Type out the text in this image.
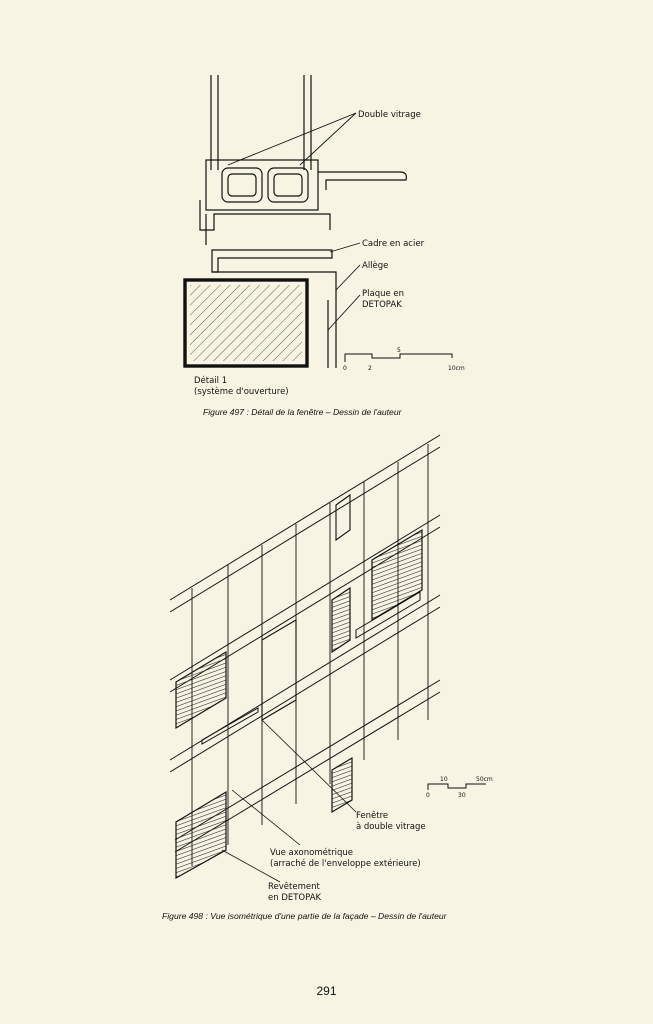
Double vitrage
Cadre en acier
Allège
Plaque en
DETOPAK
Détail 1
(système d'ouverture)
0	2
5
10cm
Fenêtre
à double vitrage
Vue axonométrique
(arraché de l'enveloppe extérieure)
Revêtement
en DETOPAK
0
10
30
50cm
Figure 497 : Détail de la fenêtre – Dessin de l'auteur
Figure 498 : Vue isométrique d'une partie de la façade – Dessin de l'auteur
291
